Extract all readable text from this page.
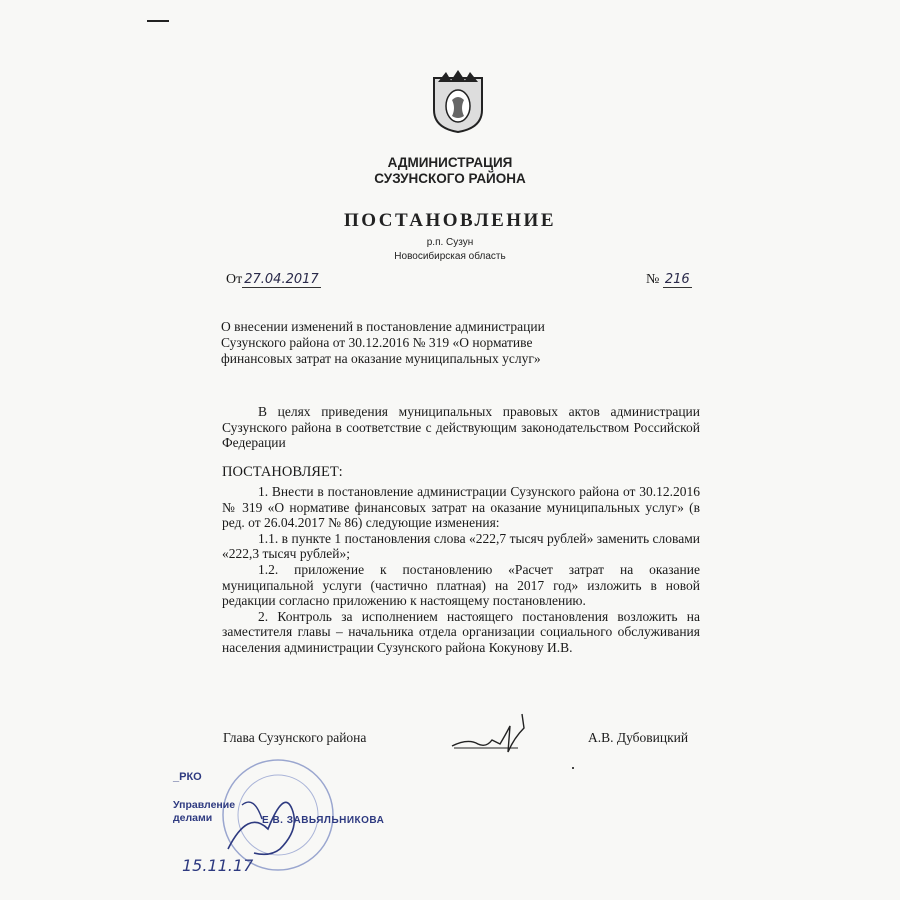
АДМИНИСТРАЦИЯ
СУЗУНСКОГО РАЙОНА
ПОСТАНОВЛЕНИЕ
р.п. Сузун
Новосибирская область
От 27.04.2017	№ 216
О внесении изменений в постановление администрации
Сузунского района от 30.12.2016 № 319 «О нормативе
финансовых затрат на оказание муниципальных услуг»
В целях приведения муниципальных правовых актов администрации Сузунского района в соответствие с действующим законодательством Российской Федерации
ПОСТАНОВЛЯЕТ:

1. Внести в постановление администрации Сузунского района от 30.12.2016 № 319 «О нормативе финансовых затрат на оказание муниципальных услуг» (в ред. от 26.04.2017 № 86) следующие изменения:

1.1. в пункте 1 постановления слова «222,7 тысяч рублей» заменить словами «222,3 тысяч рублей»;

1.2. приложение к постановлению «Расчет затрат на оказание муниципальной услуги (частично платная) на 2017 год» изложить в новой редакции согласно приложению к настоящему постановлению.

2. Контроль за исполнением настоящего постановления возложить на заместителя главы – начальника отдела организации социального обслуживания населения администрации Сузунского района Кокунову И.В.

Глава Сузунского района	А.В. Дубовицкий
_РКО
Управление
делами	Е.В. ЗАВЬЯЛЬНИКОВА
15.11.17
